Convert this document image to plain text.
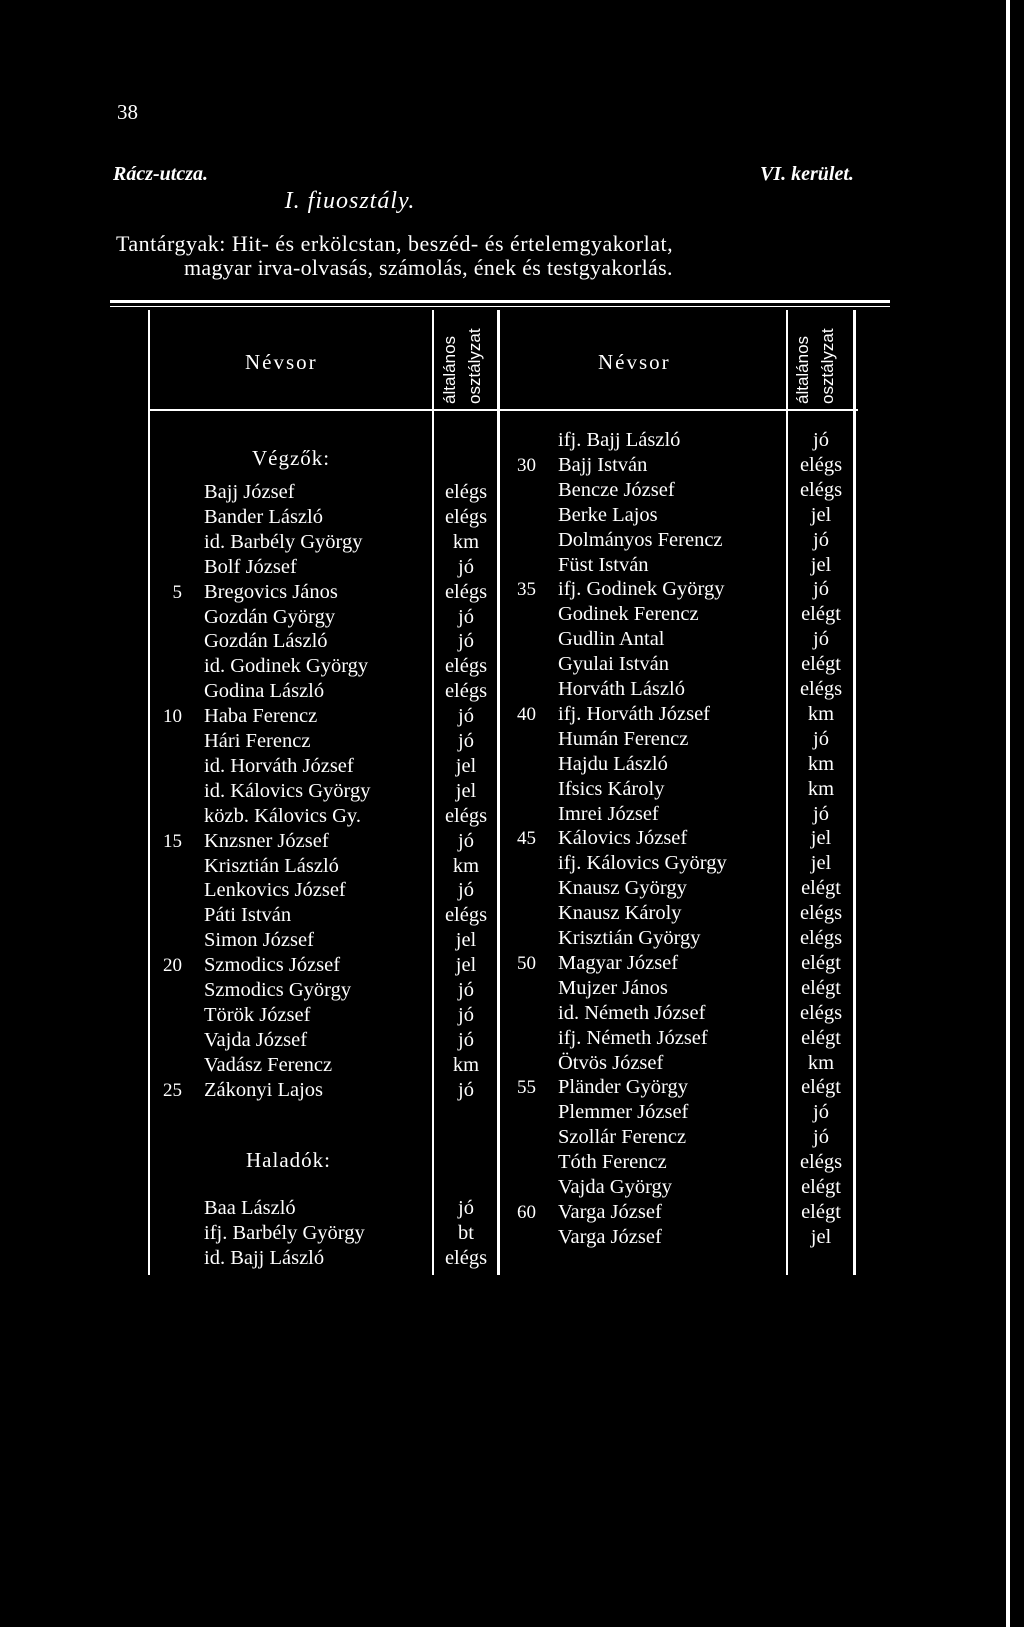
38
Rácz-utcza.	VI. kerület.
I. fiuosztály.
Tantárgyak: Hit- és erkölcstan, beszéd- és értelemgyakorlat,
magyar irva-olvasás, számolás, ének és testgyakorlás.
Névsor	Névsor
általános osztályzat	általános osztályzat
Végzők:
Haladók:
Bajj József	elégs
Bander László	elégs
id. Barbély György	km
Bolf József	jó
5 Bregovics János	elégs
Gozdán György	jó
Gozdán László	jó
id. Godinek György	elégs
Godina László	elégs
10 Haba Ferencz	jó
Hári Ferencz	jó
id. Horváth József	jel
id. Kálovics György	jel
közb. Kálovics Gy.	elégs
15 Knzsner József	jó
Krisztián László	km
Lenkovics József	jó
Páti István	elégs
Simon József	jel
20 Szmodics József	jel
Szmodics György	jó
Török József	jó
Vajda József	jó
Vadász Ferencz	km
25 Zákonyi Lajos	jó
Baa László	jó
ifj. Barbély György	bt
id. Bajj László	elégs
ifj. Bajj László	jó
30 Bajj István	elégs
Bencze József	elégs
Berke Lajos	jel
Dolmányos Ferencz	jó
Füst István	jel
35 ifj. Godinek György	jó
Godinek Ferencz	elégt
Gudlin Antal	jó
Gyulai István	elégt
Horváth László	elégs
40 ifj. Horváth József	km
Humán Ferencz	jó
Hajdu László	km
Ifsics Károly	km
Imrei József	jó
45 Kálovics József	jel
ifj. Kálovics György	jel
Knausz György	elégt
Knausz Károly	elégs
Krisztián György	elégs
50 Magyar József	elégt
Mujzer János	elégt
id. Németh József	elégs
ifj. Németh József	elégt
Ötvös József	km
55 Pländer György	elégt
Plemmer József	jó
Szollár Ferencz	jó
Tóth Ferencz	elégs
Vajda György	elégt
60 Varga József	elégt
Varga József	jel
